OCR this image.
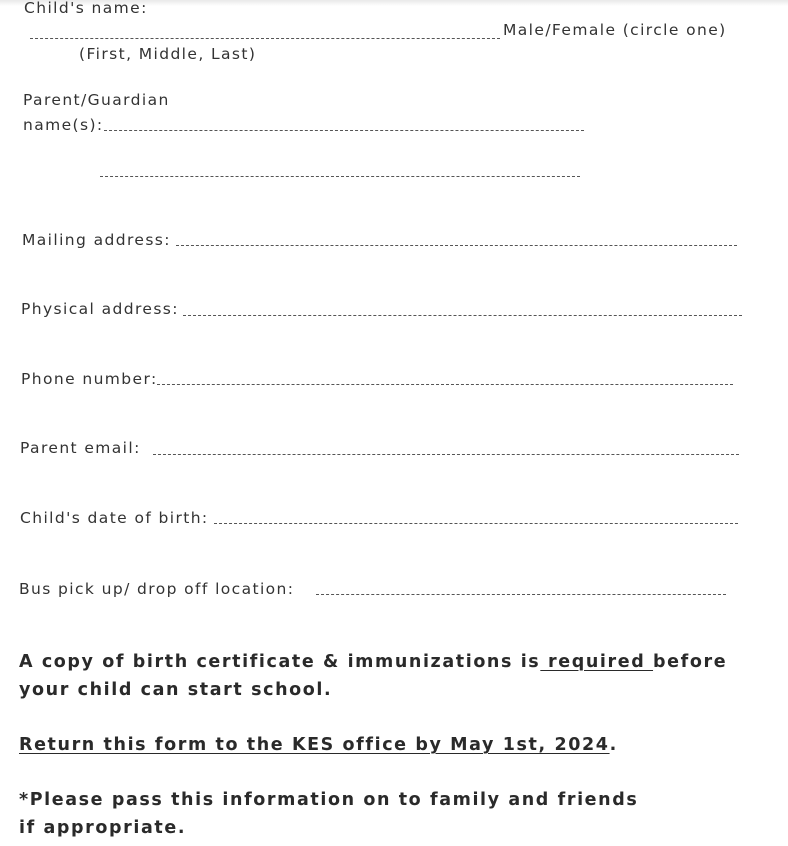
Child's name:
Male/Female (circle one)
(First, Middle, Last)
Parent/Guardian
name(s):
Mailing address:
Physical address:
Phone number:
Parent email:
Child's date of birth:
Bus pick up/ drop off location:
A copy of birth certificate & immunizations is required before your child can start school.
Return this form to the KES office by May 1st, 2024.
*Please pass this information on to family and friends if appropriate.
